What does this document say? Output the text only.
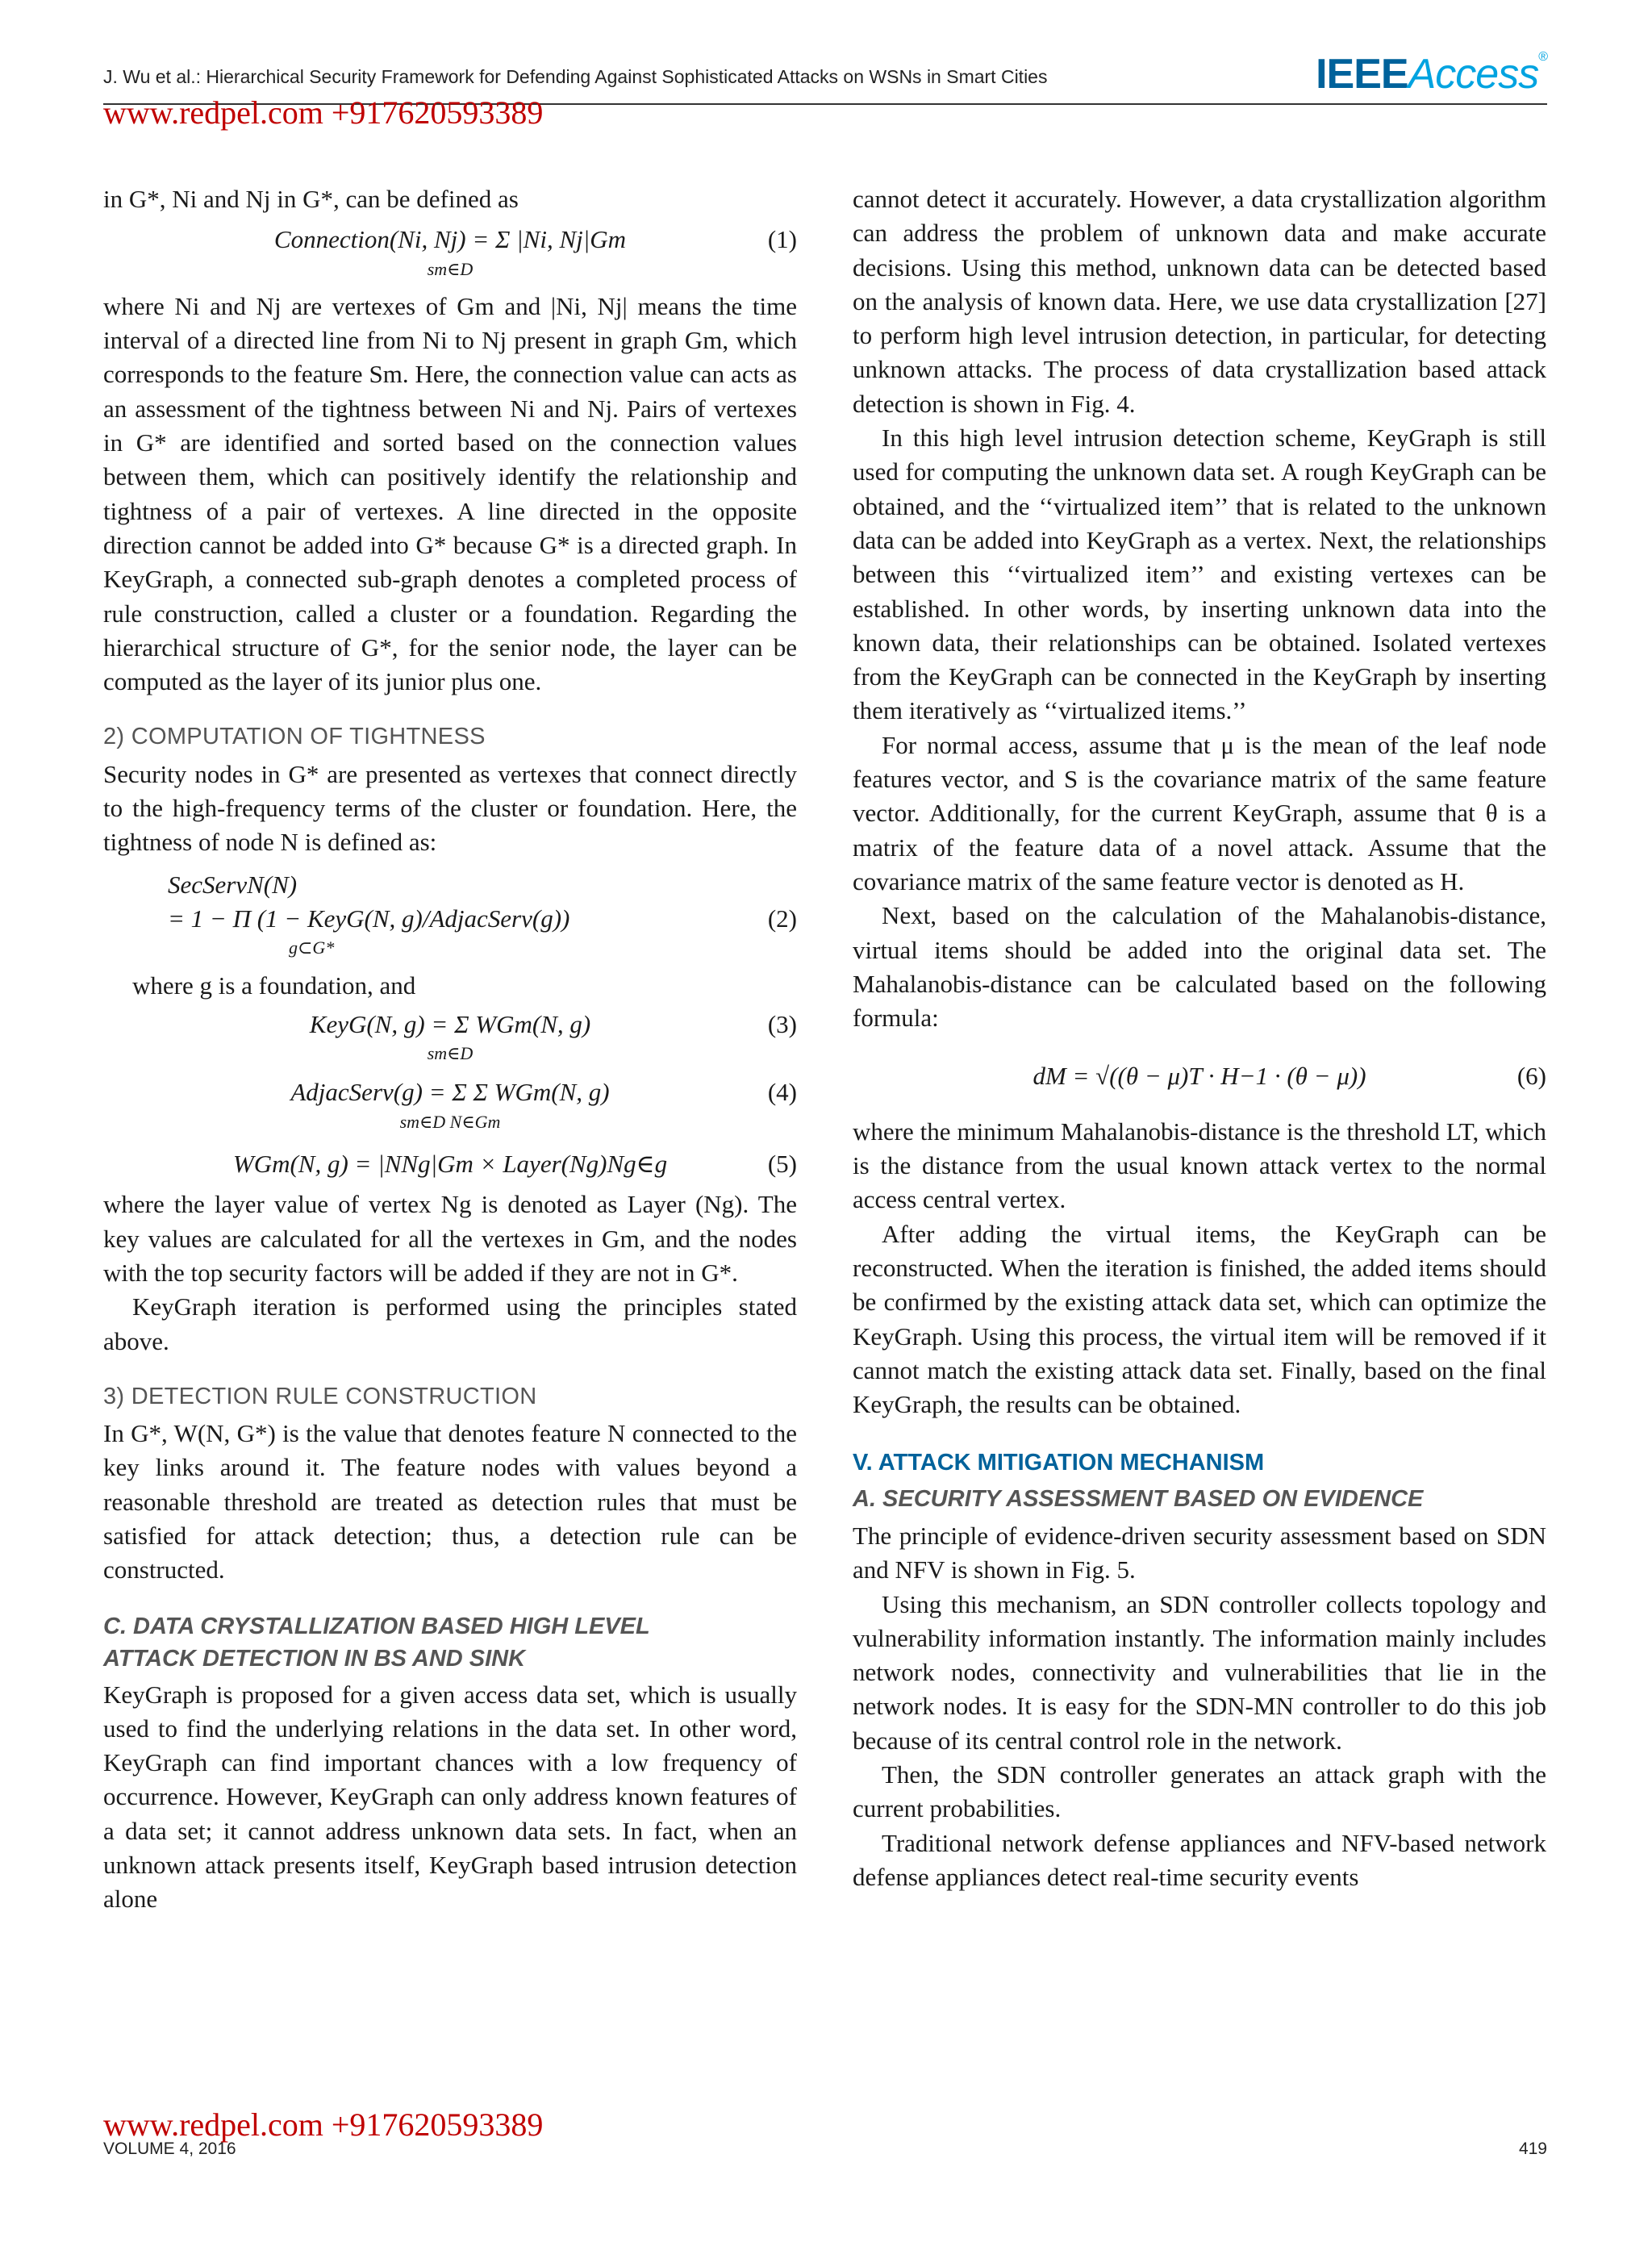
J. Wu et al.: Hierarchical Security Framework for Defending Against Sophisticated Attacks on WSNs in Smart Cities	IEEEAccess®
www.redpel.com +917620593389

in G*, Ni and Nj in G*, can be defined as

Connection(Ni, Nj) = Σ |Ni, Nj|Gm
sm∈D
(1)

where Ni and Nj are vertexes of Gm and |Ni, Nj| means the time interval of a directed line from Ni to Nj present in graph Gm, which corresponds to the feature Sm. Here, the connection value can acts as an assessment of the tightness between Ni and Nj. Pairs of vertexes in G* are identified and sorted based on the connection values between them, which can positively identify the relationship and tightness of a pair of vertexes. A line directed in the opposite direction cannot be added into G* because G* is a directed graph. In KeyGraph, a connected sub-graph denotes a completed process of rule construction, called a cluster or a foundation. Regarding the hierarchical structure of G*, for the senior node, the layer can be computed as the layer of its junior plus one.

2) COMPUTATION OF TIGHTNESS

Security nodes in G* are presented as vertexes that connect directly to the high-frequency terms of the cluster or foundation. Here, the tightness of node N is defined as:

SecServN(N)
= 1 − Π (1 − KeyG(N, g)/AdjacServ(g))
g⊂G*
(2)

where g is a foundation, and

KeyG(N, g) = Σ WGm(N, g)
sm∈D
(3)
AdjacServ(g) = Σ Σ WGm(N, g)
sm∈D N∈Gm
(4)
WGm(N, g) = |NNg|Gm × Layer(Ng)Ng∈g	(5)

where the layer value of vertex Ng is denoted as Layer (Ng). The key values are calculated for all the vertexes in Gm, and the nodes with the top security factors will be added if they are not in G*.

KeyGraph iteration is performed using the principles stated above.

3) DETECTION RULE CONSTRUCTION

In G*, W(N, G*) is the value that denotes feature N connected to the key links around it. The feature nodes with values beyond a reasonable threshold are treated as detection rules that must be satisfied for attack detection; thus, a detection rule can be constructed.

C. DATA CRYSTALLIZATION BASED HIGH LEVEL
ATTACK DETECTION IN BS AND SINK

KeyGraph is proposed for a given access data set, which is usually used to find the underlying relations in the data set. In other word, KeyGraph can find important chances with a low frequency of occurrence. However, KeyGraph can only address known features of a data set; it cannot address unknown data sets. In fact, when an unknown attack presents itself, KeyGraph based intrusion detection alone

cannot detect it accurately. However, a data crystallization algorithm can address the problem of unknown data and make accurate decisions. Using this method, unknown data can be detected based on the analysis of known data. Here, we use data crystallization [27] to perform high level intrusion detection, in particular, for detecting unknown attacks. The process of data crystallization based attack detection is shown in Fig. 4.

In this high level intrusion detection scheme, KeyGraph is still used for computing the unknown data set. A rough KeyGraph can be obtained, and the ‘‘virtualized item’’ that is related to the unknown data can be added into KeyGraph as a vertex. Next, the relationships between this ‘‘virtualized item’’ and existing vertexes can be established. In other words, by inserting unknown data into the known data, their relationships can be obtained. Isolated vertexes from the KeyGraph can be connected in the KeyGraph by inserting them iteratively as ‘‘virtualized items.’’

For normal access, assume that μ is the mean of the leaf node features vector, and S is the covariance matrix of the same feature vector. Additionally, for the current KeyGraph, assume that θ is a matrix of the feature data of a novel attack. Assume that the covariance matrix of the same feature vector is denoted as H.

Next, based on the calculation of the Mahalanobis-distance, virtual items should be added into the original data set. The Mahalanobis-distance can be calculated based on the following formula:

dM = √((θ − μ)T · H−1 · (θ − μ))	(6)

where the minimum Mahalanobis-distance is the threshold LT, which is the distance from the usual known attack vertex to the normal access central vertex.

After adding the virtual items, the KeyGraph can be reconstructed. When the iteration is finished, the added items should be confirmed by the existing attack data set, which can optimize the KeyGraph. Using this process, the virtual item will be removed if it cannot match the existing attack data set. Finally, based on the final KeyGraph, the results can be obtained.

V. ATTACK MITIGATION MECHANISM
A. SECURITY ASSESSMENT BASED ON EVIDENCE

The principle of evidence-driven security assessment based on SDN and NFV is shown in Fig. 5.

Using this mechanism, an SDN controller collects topology and vulnerability information instantly. The information mainly includes network nodes, connectivity and vulnerabilities that lie in the network nodes. It is easy for the SDN-MN controller to do this job because of its central control role in the network.

Then, the SDN controller generates an attack graph with the current probabilities.

Traditional network defense appliances and NFV-based network defense appliances detect real-time security events

www.redpel.com +917620593389
VOLUME 4, 2016	419
